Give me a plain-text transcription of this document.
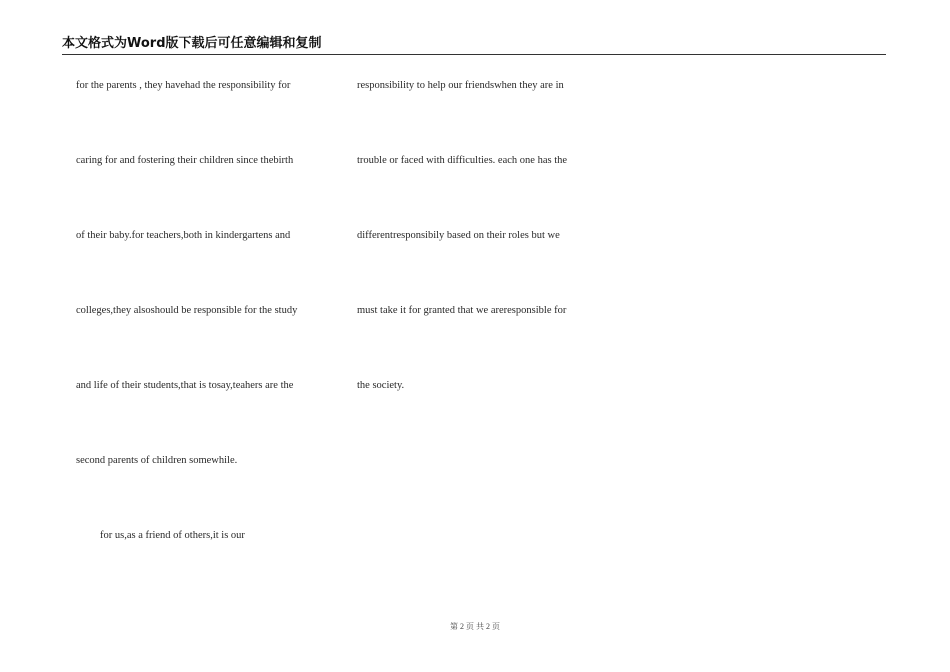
本文格式为Word版下载后可任意编辑和复制
for the parents , they havehad the responsibility for
caring for and fostering their children since thebirth
of their baby.for teachers,both in kindergartens and
colleges,they alsoshould be responsible for the study
and life of their students,that is tosay,teahers are the
second parents of children somewhile.
for us,as a friend of others,it is our
responsibility to help our friendswhen they are in
trouble or faced with difficulties. each one has the
differentresponsibily based on their roles but we
must take it for granted that we areresponsible for
the society.
第 2 页 共 2 页
